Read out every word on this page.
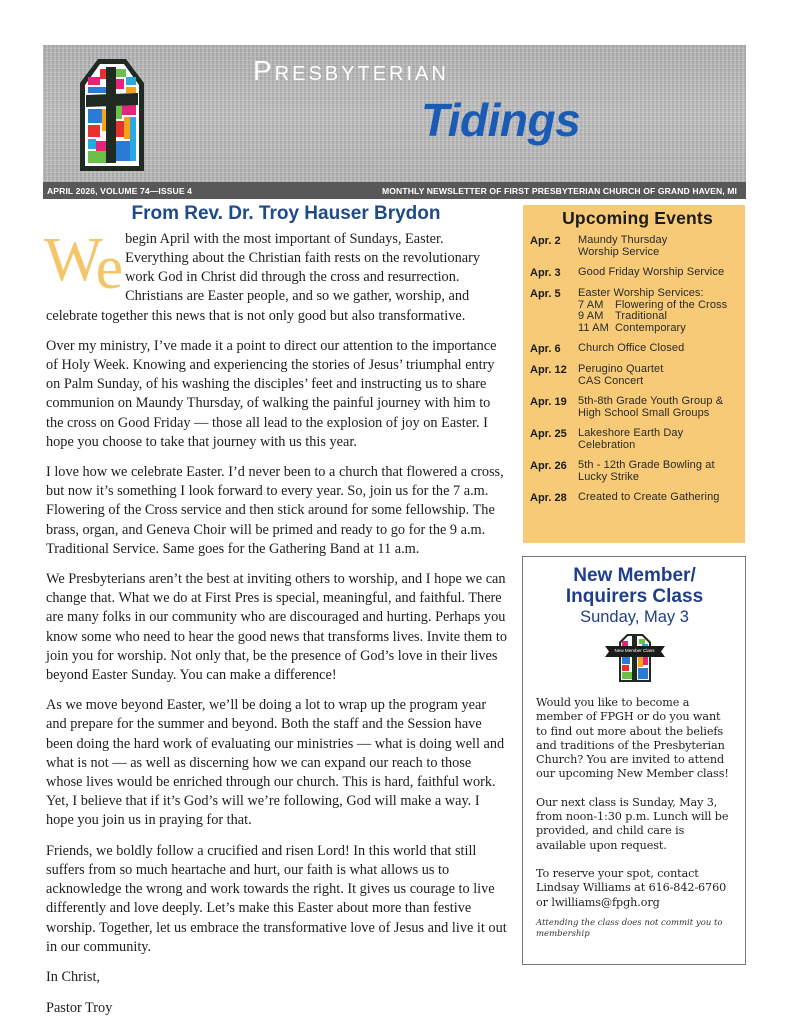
Presbyterian
Tidings
APRIL 2026, VOLUME 74—ISSUE 4	MONTHLY NEWSLETTER OF FIRST PRESBYTERIAN CHURCH OF GRAND HAVEN, MI
From Rev. Dr. Troy Hauser Brydon

We begin April with the most important of Sundays, Easter. Everything about the Christian faith rests on the revolutionary work God in Christ did through the cross and resurrection. Christians are Easter people, and so we gather, worship, and celebrate together this news that is not only good but also transformative.

Over my ministry, I’ve made it a point to direct our attention to the importance of Holy Week. Knowing and experiencing the stories of Jesus’ triumphal entry on Palm Sunday, of his washing the disciples’ feet and instructing us to share communion on Maundy Thursday, of walking the painful journey with him to the cross on Good Friday — those all lead to the explosion of joy on Easter. I hope you choose to take that journey with us this year.

I love how we celebrate Easter. I’d never been to a church that flowered a cross, but now it’s something I look forward to every year. So, join us for the 7 a.m. Flowering of the Cross service and then stick around for some fellowship. The brass, organ, and Geneva Choir will be primed and ready to go for the 9 a.m. Traditional Service. Same goes for the Gathering Band at 11 a.m.

We Presbyterians aren’t the best at inviting others to worship, and I hope we can change that. What we do at First Pres is special, meaningful, and faithful. There are many folks in our community who are discouraged and hurting. Perhaps you know some who need to hear the good news that transforms lives. Invite them to join you for worship. Not only that, be the presence of God’s love in their lives beyond Easter Sunday. You can make a difference!

As we move beyond Easter, we’ll be doing a lot to wrap up the program year and prepare for the summer and beyond. Both the staff and the Session have been doing the hard work of evaluating our ministries — what is doing well and what is not — as well as discerning how we can expand our reach to those whose lives would be enriched through our church. This is hard, faithful work. Yet, I believe that if it’s God’s will we’re following, God will make a way. I hope you join us in praying for that.

Friends, we boldly follow a crucified and risen Lord! In this world that still suffers from so much heartache and hurt, our faith is what allows us to acknowledge the wrong and work towards the right. It gives us courage to live differently and love deeply. Let’s make this Easter about more than festive worship. Together, let us embrace the transformative love of Jesus and live it out in our community.

In Christ,
Pastor Troy
Upcoming Events
Apr. 2	Maundy Thursday
Worship Service
Apr. 3	Good Friday Worship Service
Apr. 5	Easter Worship Services:
7 AM Flowering of the Cross
9 AM Traditional
11 AM Contemporary
Apr. 6	Church Office Closed
Apr. 12	Perugino Quartet
CAS Concert
Apr. 19	5th-8th Grade Youth Group &
High School Small Groups
Apr. 25	Lakeshore Earth Day
Celebration
Apr. 26	5th - 12th Grade Bowling at
Lucky Strike
Apr. 28	Created to Create Gathering
New Member/
Inquirers Class
Sunday, May 3
New Member Class

Would you like to become a member of FPGH or do you want to find out more about the beliefs and traditions of the Presbyterian Church? You are invited to attend our upcoming New Member class!

Our next class is Sunday, May 3, from noon-1:30 p.m. Lunch will be provided, and child care is available upon request.

To reserve your spot, contact Lindsay Williams at 616-842-6760 or lwilliams@fpgh.org

Attending the class does not commit you to membership
